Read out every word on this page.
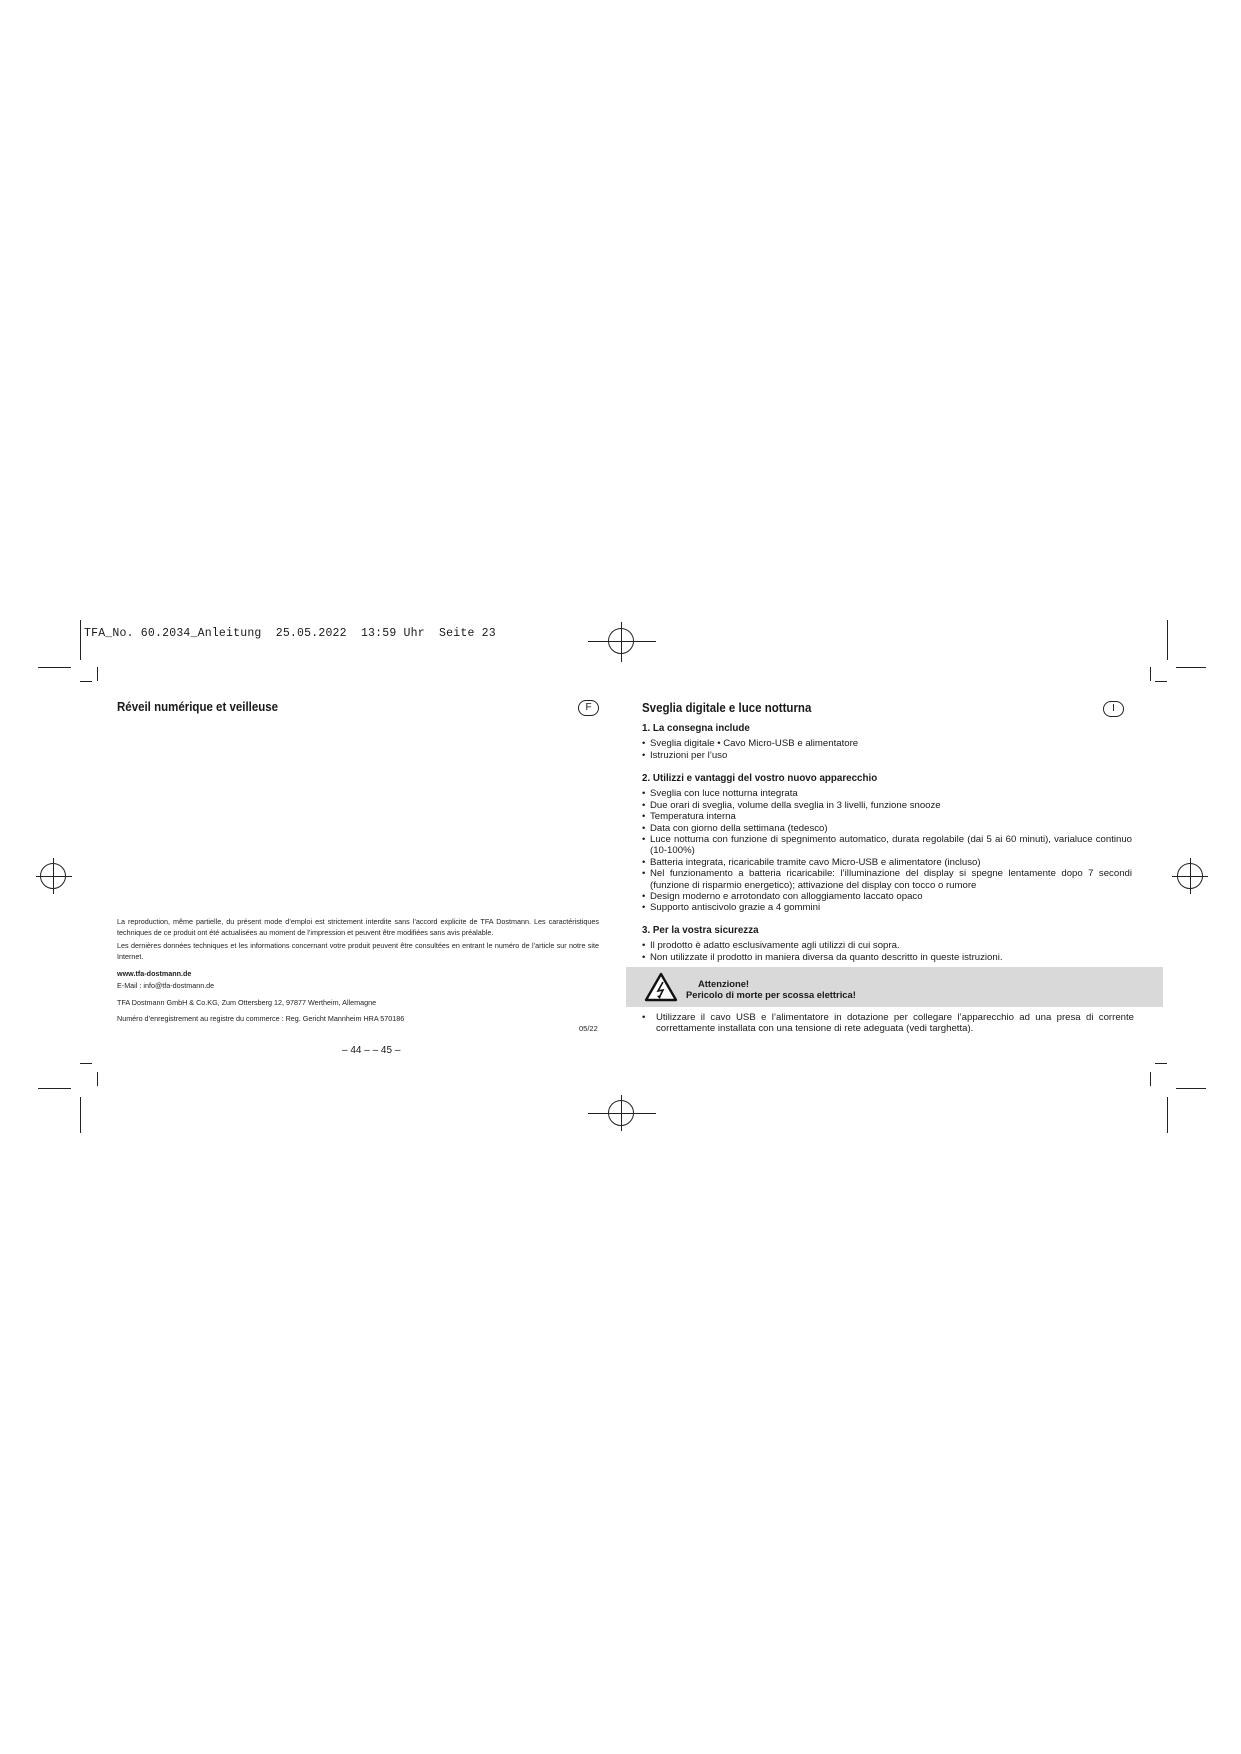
TFA_No. 60.2034_Anleitung  25.05.2022  13:59 Uhr  Seite 23
Réveil numérique et veilleuse	F

La reproduction, même partielle, du présent mode d’emploi est strictement interdite sans l’accord explicite de TFA Dostmann. Les caractéristiques techniques de ce produit ont été actualisées au moment de l’impression et peuvent être modifiées sans avis préalable.

Les dernières données techniques et les informations concernant votre produit peuvent être consultées en entrant le numéro de l’article sur notre site Internet.

www.tfa-dostmann.de

E-Mail : info@tfa-dostmann.de

TFA Dostmann GmbH & Co.KG, Zum Ottersberg 12, 97877 Wertheim, Allemagne

Numéro d’enregistrement au registre du commerce : Reg. Gericht Mannheim HRA 570186

05/22
– 44 – – 45 –
Sveglia digitale e luce notturna	I
1. La consegna include
• Sveglia digitale • Cavo Micro-USB e alimentatore
• Istruzioni per l’uso
2. Utilizzi e vantaggi del vostro nuovo apparecchio
• Sveglia con luce notturna integrata
• Due orari di sveglia, volume della sveglia in 3 livelli, funzione snooze
• Temperatura interna
• Data con giorno della settimana (tedesco)
• Luce notturna con funzione di spegnimento automatico, durata regolabile (dai 5 ai 60 minuti), varialuce continuo (10-100%)
• Batteria integrata, ricaricabile tramite cavo Micro-USB e alimentatore (incluso)
• Nel funzionamento a batteria ricaricabile: l’illuminazione del display si spegne lentamente dopo 7 secondi (funzione di risparmio energetico); attivazione del display con tocco o rumore
• Design moderno e arrotondato con alloggiamento laccato opaco
• Supporto antiscivolo grazie a 4 gommini
3. Per la vostra sicurezza
• Il prodotto è adatto esclusivamente agli utilizzi di cui sopra.
• Non utilizzate il prodotto in maniera diversa da quanto descritto in queste istruzioni.
Attenzione!
Pericolo di morte per scossa elettrica!
• Utilizzare il cavo USB e l’alimentatore in dotazione per collegare l’apparecchio ad una presa di corrente correttamente installata con una tensione di rete adeguata (vedi targhetta).
